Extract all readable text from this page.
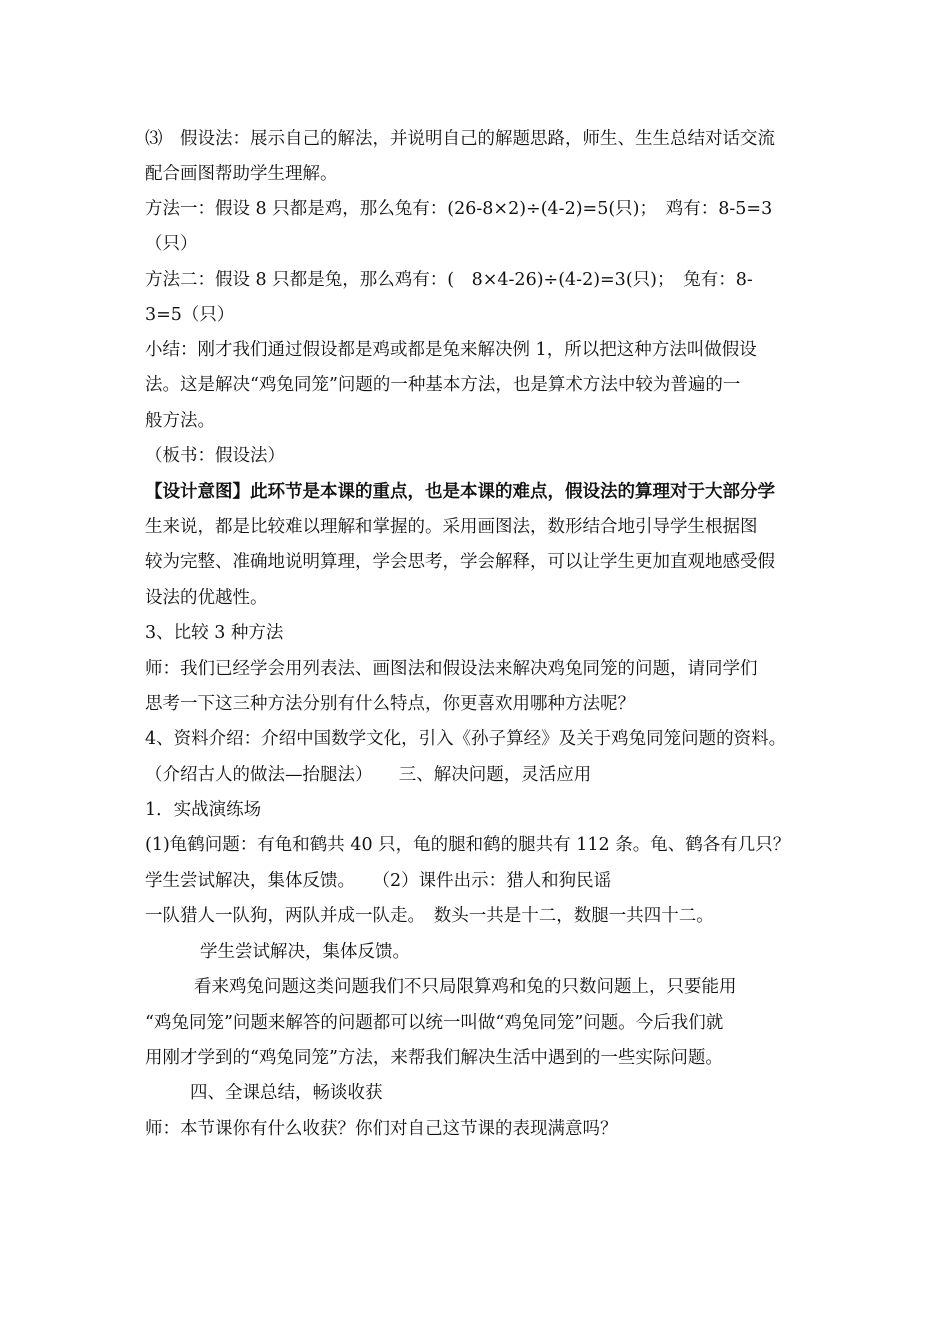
⑶　假设法：展示自己的解法，并说明自己的解题思路，师生、生生总结对话交流
配合画图帮助学生理解。
方法一：假设 8 只都是鸡，那么兔有：(26-8×2)÷(4-2)=5(只)；　鸡有：8-5=3
（只）
方法二：假设 8 只都是兔，那么鸡有：(　8×4-26)÷(4-2)=3(只)；　兔有：8-
3=5（只）
小结：刚才我们通过假设都是鸡或都是兔来解决例 1，所以把这种方法叫做假设
法。这是解决“鸡兔同笼”问题的一种基本方法，也是算术方法中较为普遍的一
般方法。
（板书：假设法）
【设计意图】此环节是本课的重点，也是本课的难点，假设法的算理对于大部分学
生来说，都是比较难以理解和掌握的。采用画图法，数形结合地引导学生根据图
较为完整、准确地说明算理，学会思考，学会解释，可以让学生更加直观地感受假
设法的优越性。
3、比较 3 种方法
师：我们已经学会用列表法、画图法和假设法来解决鸡兔同笼的问题，请同学们
思考一下这三种方法分别有什么特点，你更喜欢用哪种方法呢？
4、资料介绍：介绍中国数学文化，引入《孙子算经》及关于鸡兔同笼问题的资料。
（介绍古人的做法—抬腿法）　　三、解决问题，灵活应用
1．实战演练场
(1)龟鹤问题：有龟和鹤共 40 只，龟的腿和鹤的腿共有 112 条。龟、鹤各有几只？
学生尝试解决，集体反馈。　　（2）课件出示：猎人和狗民谣
一队猎人一队狗，两队并成一队走。　数头一共是十二，数腿一共四十二。
学生尝试解决，集体反馈。
看来鸡兔问题这类问题我们不只局限算鸡和兔的只数问题上，只要能用
“鸡兔同笼”问题来解答的问题都可以统一叫做“鸡兔同笼”问题。今后我们就
用刚才学到的“鸡兔同笼”方法，来帮我们解决生活中遇到的一些实际问题。
四、全课总结，畅谈收获
师：本节课你有什么收获？你们对自己这节课的表现满意吗？
